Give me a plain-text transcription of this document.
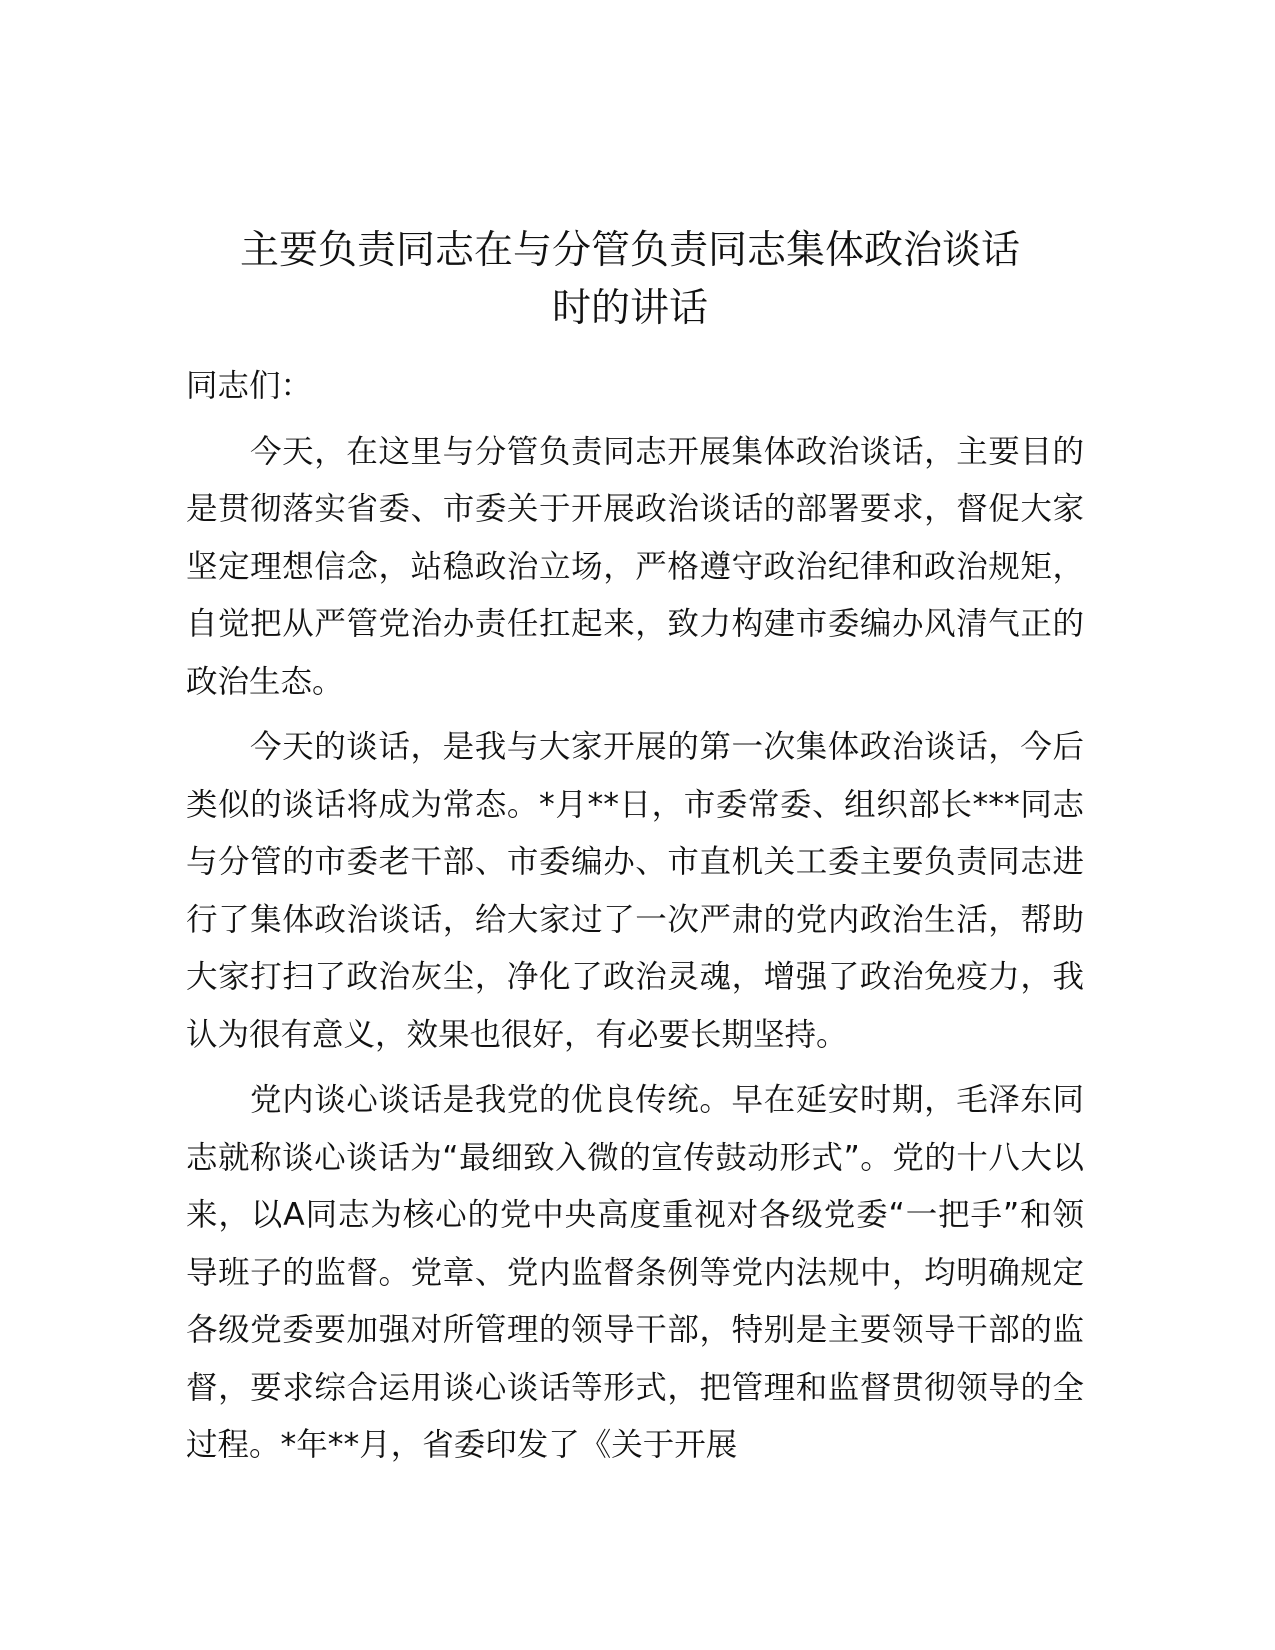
主要负责同志在与分管负责同志集体政治谈话
时的讲话

同志们：

今天，在这里与分管负责同志开展集体政治谈话，主要目的是贯彻落实省委、市委关于开展政治谈话的部署要求，督促大家坚定理想信念，站稳政治立场，严格遵守政治纪律和政治规矩，自觉把从严管党治办责任扛起来，致力构建市委编办风清气正的政治生态。

今天的谈话，是我与大家开展的第一次集体政治谈话，今后类似的谈话将成为常态。*月**日，市委常委、组织部长***同志与分管的市委老干部、市委编办、市直机关工委主要负责同志进行了集体政治谈话，给大家过了一次严肃的党内政治生活，帮助大家打扫了政治灰尘，净化了政治灵魂，增强了政治免疫力，我认为很有意义，效果也很好，有必要长期坚持。

党内谈心谈话是我党的优良传统。早在延安时期，毛泽东同志就称谈心谈话为“最细致入微的宣传鼓动形式”。党的十八大以来，以A同志为核心的党中央高度重视对各级党委“一把手”和领导班子的监督。党章、党内监督条例等党内法规中，均明确规定各级党委要加强对所管理的领导干部，特别是主要领导干部的监督，要求综合运用谈心谈话等形式，把管理和监督贯彻领导的全过程。*年**月，省委印发了《关于开展
